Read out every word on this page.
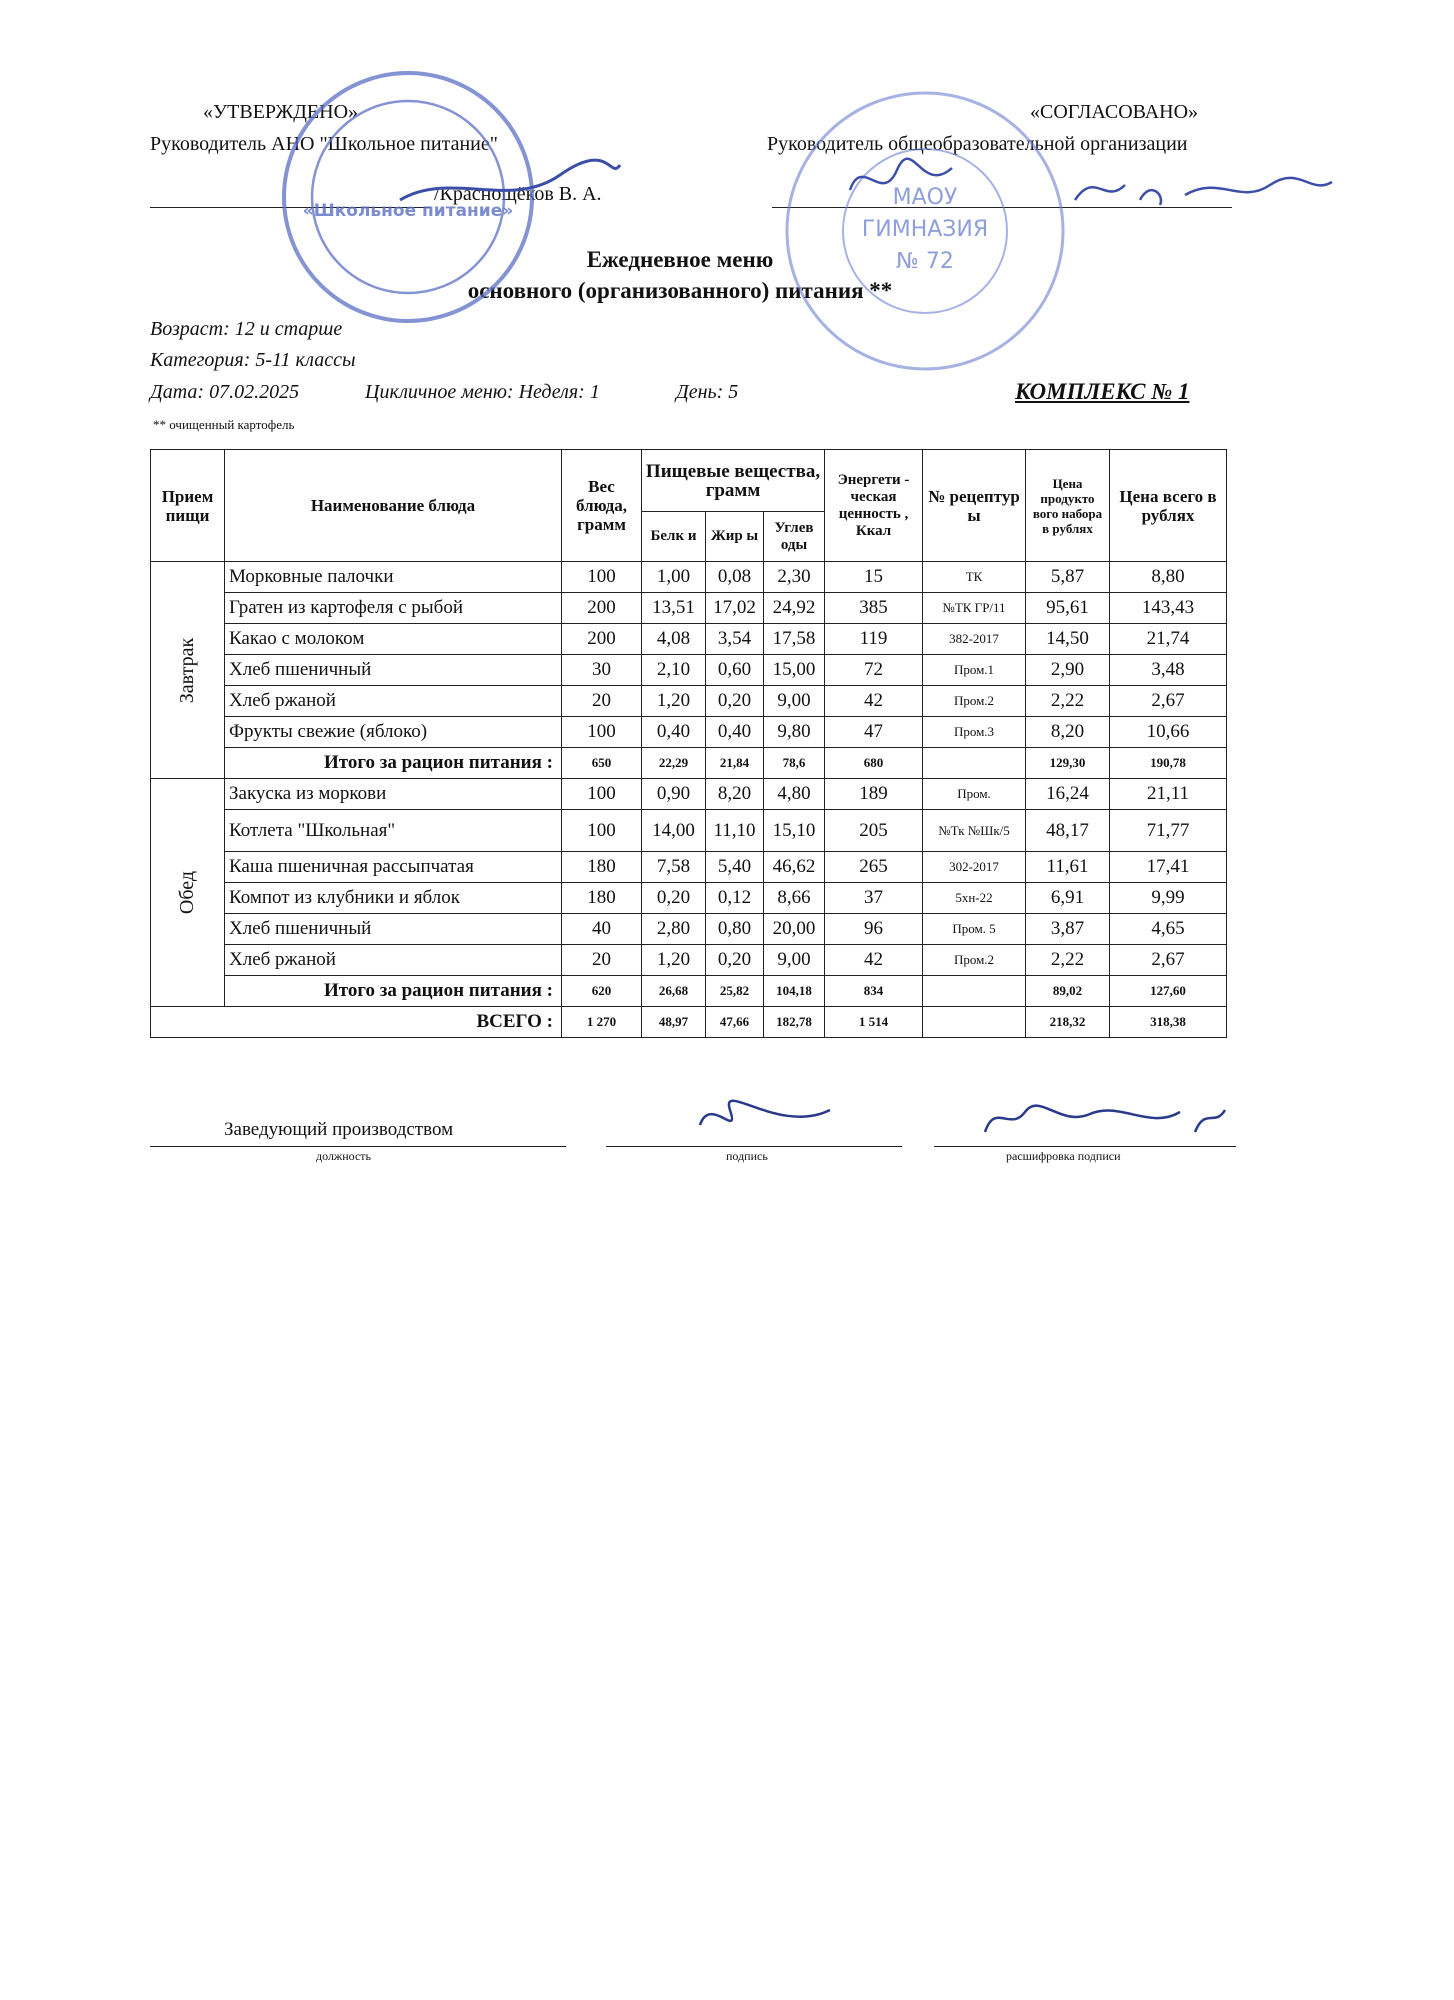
«УТВЕРЖДЕНО»
Руководитель АНО "Школьное питание"
/Краснощёков В. А.
«СОГЛАСОВАНО»
Руководитель общеобразовательной организации
Ежедневное меню
основного (организованного) питания **
Возраст: 12 и старше
Категория: 5-11 классы
Дата: 07.02.2025	Цикличное меню: Неделя: 1	День: 5	КОМПЛЕКС № 1
** очищенный картофель
Прием пищи	Наименование блюда	Вес блюда, грамм	Пищевые вещества, грамм			Энергети - ческая ценность , Ккал	№ рецептур ы	Цена продукто вого набора в рублях	Цена всего в рублях
			Белк и	Жир ы	Углев оды				
Завтрак	Морковные палочки	100	1,00	0,08	2,30	15	ТК	5,87	8,80
	Гратен из картофеля с рыбой	200	13,51	17,02	24,92	385	№ТК ГР/11	95,61	143,43
	Какао с молоком	200	4,08	3,54	17,58	119	382-2017	14,50	21,74
	Хлеб пшеничный	30	2,10	0,60	15,00	72	Пром.1	2,90	3,48
	Хлеб ржаной	20	1,20	0,20	9,00	42	Пром.2	2,22	2,67
	Фрукты свежие (яблоко)	100	0,40	0,40	9,80	47	Пром.3	8,20	10,66
	Итого за рацион питания :	650	22,29	21,84	78,6	680		129,30	190,78
Обед	Закуска из моркови	100	0,90	8,20	4,80	189	Пром.	16,24	21,11
	Котлета "Школьная"	100	14,00	11,10	15,10	205	№Тк №Шк/5	48,17	71,77
	Каша пшеничная рассыпчатая	180	7,58	5,40	46,62	265	302-2017	11,61	17,41
	Компот из клубники и яблок	180	0,20	0,12	8,66	37	5хн-22	6,91	9,99
	Хлеб пшеничный	40	2,80	0,80	20,00	96	Пром. 5	3,87	4,65
	Хлеб ржаной	20	1,20	0,20	9,00	42	Пром.2	2,22	2,67
	Итого за рацион питания :	620	26,68	25,82	104,18	834		89,02	127,60
ВСЕГО :		1 270	48,97	47,66	182,78	1 514		218,32	318,38
Заведующий производством
должность	подпись	расшифровка подписи
«Школьное питание»
МАОУ
ГИМНАЗИЯ
№ 72
